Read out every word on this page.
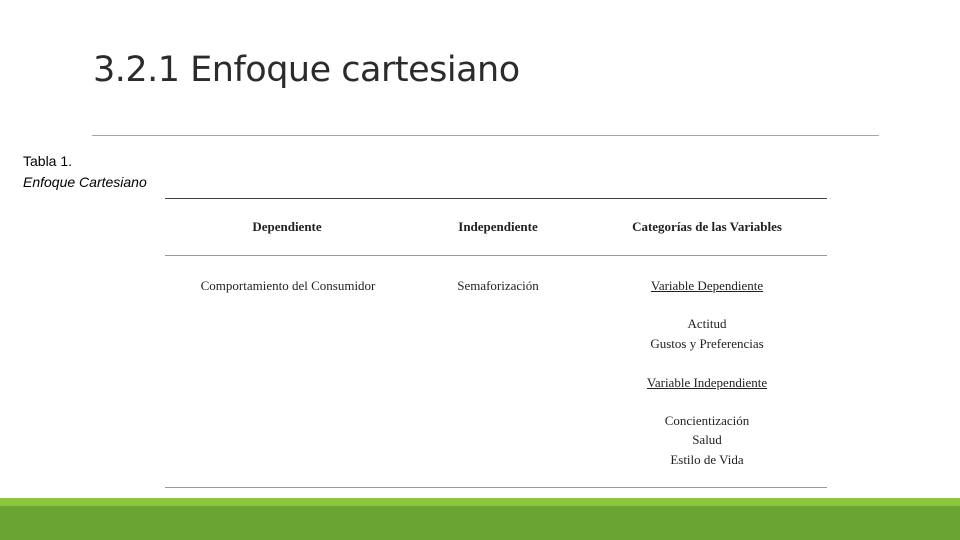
3.2.1 Enfoque cartesiano
Tabla 1.
Enfoque Cartesiano
Dependiente	Independiente	Categorías de las Variables
Comportamiento del Consumidor	Semaforización	Variable Dependiente
Actitud
Gustos y Preferencias
Variable Independiente
Concientización
Salud
Estilo de Vida
